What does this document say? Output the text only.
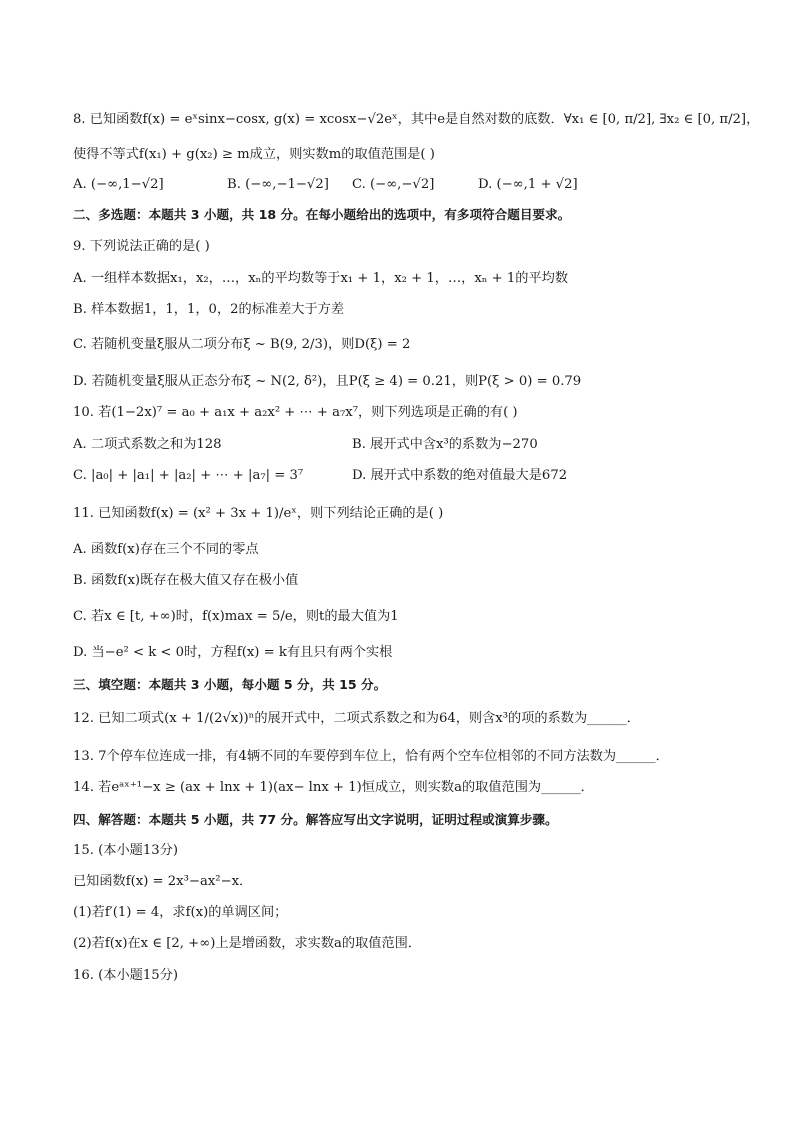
8. 已知函数f(x) = eˣsinx−cosx, g(x) = xcosx−√2eˣ，其中e是自然对数的底数．∀x₁ ∈ [0, π/2], ∃x₂ ∈ [0, π/2]，
使得不等式f(x₁) + g(x₂) ≥ m成立，则实数m的取值范围是( )
A. (−∞,1−√2]	B. (−∞,−1−√2] C. (−∞,−√2]	D. (−∞,1 + √2]
二、多选题：本题共 3 小题，共 18 分。在每小题给出的选项中，有多项符合题目要求。
9. 下列说法正确的是( )
A. 一组样本数据x₁，x₂，…，xₙ的平均数等于x₁ + 1，x₂ + 1，…，xₙ + 1的平均数
B. 样本数据1，1，1，0，2的标准差大于方差
C. 若随机变量ξ服从二项分布ξ ~ B(9, 2/3)，则D(ξ) = 2
D. 若随机变量ξ服从正态分布ξ ~ N(2, δ²)，且P(ξ ≥ 4) = 0.21，则P(ξ > 0) = 0.79
10. 若(1−2x)⁷ = a₀ + a₁x + a₂x² + ⋯ + a₇x⁷，则下列选项是正确的有( )
A. 二项式系数之和为128	B. 展开式中含x³的系数为−270
C. |a₀| + |a₁| + |a₂| + ⋯ + |a₇| = 3⁷	D. 展开式中系数的绝对值最大是672
11. 已知函数f(x) = (x² + 3x + 1)/eˣ，则下列结论正确的是( )
A. 函数f(x)存在三个不同的零点
B. 函数f(x)既存在极大值又存在极小值
C. 若x ∈ [t, +∞)时，f(x)max = 5/e，则t的最大值为1
D. 当−e² < k < 0时，方程f(x) = k有且只有两个实根
三、填空题：本题共 3 小题，每小题 5 分，共 15 分。
12. 已知二项式(x + 1/(2√x))ⁿ的展开式中，二项式系数之和为64，则含x³的项的系数为______．
13. 7个停车位连成一排，有4辆不同的车要停到车位上，恰有两个空车位相邻的不同方法数为______．
14. 若eᵃˣ⁺¹−x ≥ (ax + lnx + 1)(ax− lnx + 1)恒成立，则实数a的取值范围为______．
四、解答题：本题共 5 小题，共 77 分。解答应写出文字说明，证明过程或演算步骤。
15. (本小题13分)
已知函数f(x) = 2x³−ax²−x．
(1)若f′(1) = 4，求f(x)的单调区间；
(2)若f(x)在x ∈ [2, +∞)上是增函数，求实数a的取值范围．
16. (本小题15分)
